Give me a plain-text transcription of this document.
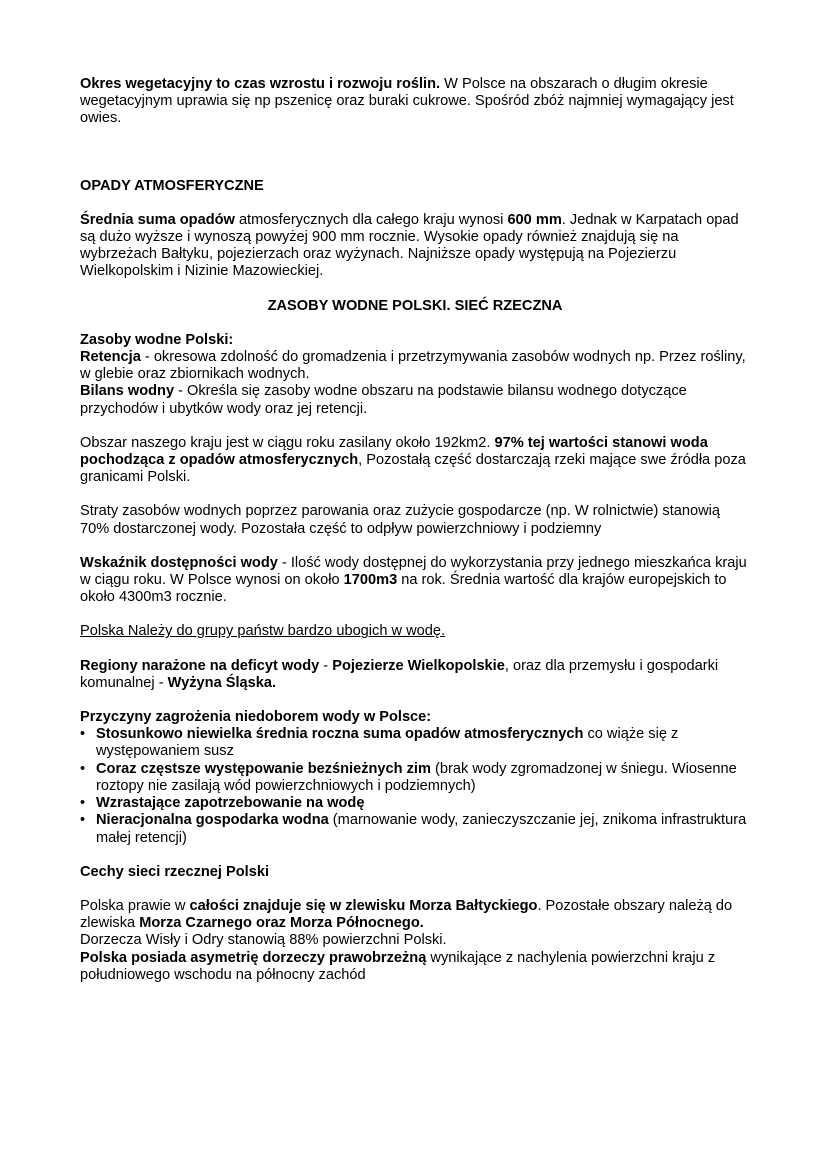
Okres wegetacyjny to czas wzrostu i rozwoju roślin. W Polsce na obszarach o długim okresie wegetacyjnym uprawia się np pszenicę oraz buraki cukrowe. Spośród zbóż najmniej wymagający jest owies.

OPADY ATMOSFERYCZNE

Średnia suma opadów atmosferycznych dla całego kraju wynosi 600 mm. Jednak w Karpatach opad są dużo wyższe i wynoszą powyżej 900 mm rocznie. Wysokie opady również znajdują się na wybrzeżach Bałtyku, pojezierzach oraz wyżynach. Najniższe opady występują na Pojezierzu Wielkopolskim i Nizinie Mazowieckiej.

ZASOBY WODNE POLSKI. SIEĆ RZECZNA

Zasoby wodne Polski:

Retencja - okresowa zdolność do gromadzenia i przetrzymywania zasobów wodnych np. Przez rośliny, w glebie oraz zbiornikach wodnych.

Bilans wodny - Określa się zasoby wodne obszaru na podstawie bilansu wodnego dotyczące przychodów i ubytków wody oraz jej retencji.

Obszar naszego kraju jest w ciągu roku zasilany około 192km2. 97% tej wartości stanowi woda pochodząca z opadów atmosferycznych, Pozostałą część dostarczają rzeki mające swe źródła poza granicami Polski.

Straty zasobów wodnych poprzez parowania oraz zużycie gospodarcze (np. W rolnictwie) stanowią 70% dostarczonej wody. Pozostała część to odpływ powierzchniowy i podziemny

Wskaźnik dostępności wody - Ilość wody dostępnej do wykorzystania przy jednego mieszkańca kraju w ciągu roku. W Polsce wynosi on około 1700m3 na rok. Średnia wartość dla krajów europejskich to około 4300m3 rocznie.

Polska Należy do grupy państw bardzo ubogich w wodę.

Regiony narażone na deficyt wody - Pojezierze Wielkopolskie, oraz dla przemysłu i gospodarki komunalnej - Wyżyna Śląska.

Przyczyny zagrożenia niedoborem wody w Polsce:

• Stosunkowo niewielka średnia roczna suma opadów atmosferycznych co wiąże się z występowaniem susz
• Coraz częstsze występowanie bezśnieżnych zim (brak wody zgromadzonej w śniegu. Wiosenne roztopy nie zasilają wód powierzchniowych i podziemnych)
• Wzrastające zapotrzebowanie na wodę
• Nieracjonalna gospodarka wodna (marnowanie wody, zanieczyszczanie jej, znikoma infrastruktura małej retencji)

Cechy sieci rzecznej Polski

Polska prawie w całości znajduje się w zlewisku Morza Bałtyckiego. Pozostałe obszary należą do zlewiska Morza Czarnego oraz Morza Północnego.

Dorzecza Wisły i Odry stanowią 88% powierzchni Polski.

Polska posiada asymetrię dorzeczy prawobrzeżną wynikające z nachylenia powierzchni kraju z południowego wschodu na północny zachód
